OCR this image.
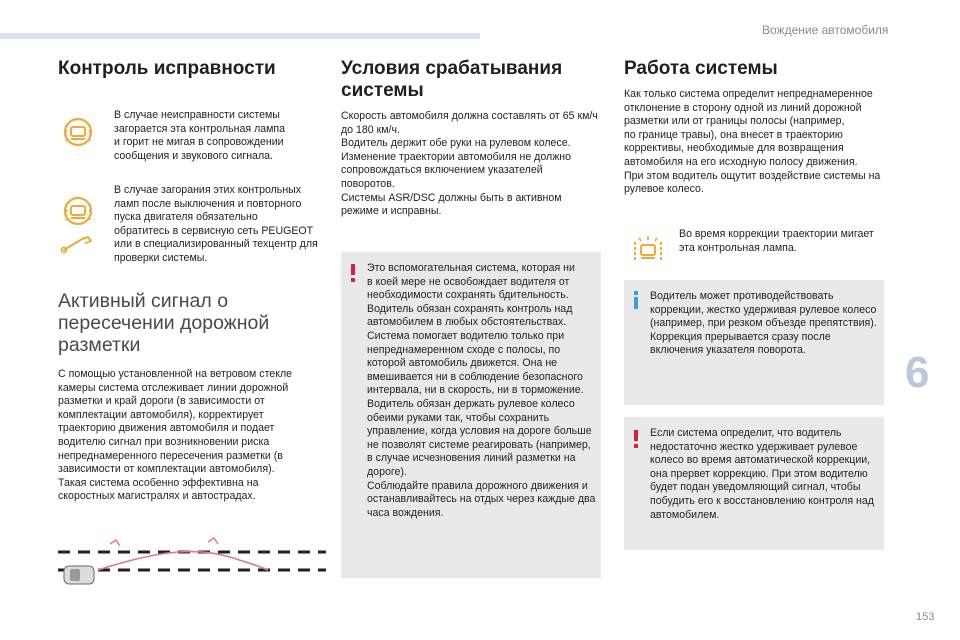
Вождение автомобиля
Контроль исправности

В случае неисправности системы
загорается эта контрольная лампа
и горит не мигая в сопровождении
сообщения и звукового сигнала.

В случае загорания этих контрольных
ламп после выключения и повторного
пуска двигателя обязательно
обратитесь в сервисную сеть PEUGEOT
или в специализированный техцентр для
проверки системы.

Активный сигнал о
пересечении дорожной
разметки

С помощью установленной на ветровом стекле
камеры система отслеживает линии дорожной
разметки и край дороги (в зависимости от
комплектации автомобиля), корректирует
траекторию движения автомобиля и подает
водителю сигнал при возникновении риска
непреднамеренного пересечения разметки (в
зависимости от комплектации автомобиля).
Такая система особенно эффективна на
скоростных магистралях и автострадах.

Условия срабатывания
системы

Скорость автомобиля должна составлять от 65 км/ч
до 180 км/ч.
Водитель держит обе руки на рулевом колесе.
Изменение траектории автомобиля не должно
сопровождаться включением указателей
поворотов.
Системы ASR/DSC должны быть в активном
режиме и исправны.

Это вспомогательная система, которая ни
в коей мере не освобождает водителя от
необходимости сохранять бдительность.
Водитель обязан сохранять контроль над
автомобилем в любых обстоятельствах.
Система помогает водителю только при
непреднамеренном сходе с полосы, по
которой автомобиль движется. Она не
вмешивается ни в соблюдение безопасного
интервала, ни в скорость, ни в торможение.
Водитель обязан держать рулевое колесо
обеими руками так, чтобы сохранить
управление, когда условия на дороге больше
не позволят системе реагировать (например,
в случае исчезновения линий разметки на
дороге).
Соблюдайте правила дорожного движения и
останавливайтесь на отдых через каждые два
часа вождения.

Работа системы

Как только система определит непреднамеренное
отклонение в сторону одной из линий дорожной
разметки или от границы полосы (например,
по границе травы), она внесет в траекторию
коррективы, необходимые для возвращения
автомобиля на его исходную полосу движения.
При этом водитель ощутит воздействие системы на
рулевое колесо.

Во время коррекции траектории мигает
эта контрольная лампа.

Водитель может противодействовать
коррекции, жестко удерживая рулевое колесо
(например, при резком объезде препятствия).
Коррекция прерывается сразу после
включения указателя поворота.

Если система определит, что водитель
недостаточно жестко удерживает рулевое
колесо во время автоматической коррекции,
она прервет коррекцию. При этом водителю
будет подан уведомляющий сигнал, чтобы
побудить его к восстановлению контроля над
автомобилем.

6
153
